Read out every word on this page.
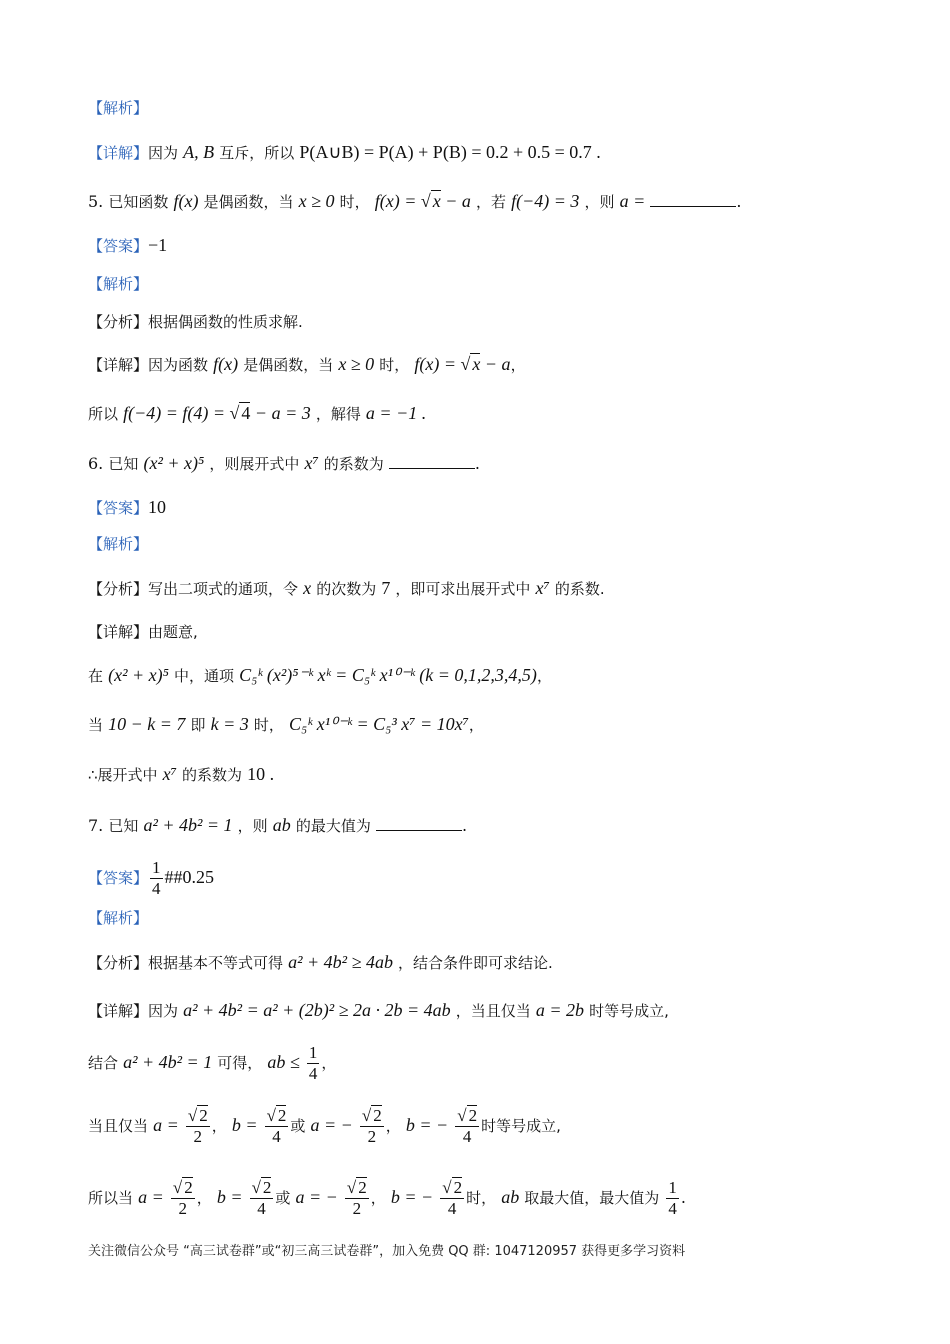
【解析】
【详解】因为 A, B 互斥，所以 P(A∪B) = P(A) + P(B) = 0.2 + 0.5 = 0.7 .
5. 已知函数 f(x) 是偶函数，当 x ≥ 0 时， f(x) = √ x − a ，若 f(−4) = 3 ，则 a =	.
【答案】−1
【解析】
【分析】根据偶函数的性质求解.
【详解】因为函数 f(x) 是偶函数，当 x ≥ 0 时， f(x) = √ x − a，
所以 f(−4) = f(4) = √ 4 − a = 3 ，解得 a = −1 .
6. 已知 (x² + x)⁵ ，则展开式中 x⁷ 的系数为	.
【答案】10
【解析】
【分析】写出二项式的通项，令 x 的次数为 7 ，即可求出展开式中 x⁷ 的系数.
【详解】由题意,
在 (x² + x)⁵ 中，通项 C₅ᵏ (x²)⁵⁻ᵏ xᵏ = C₅ᵏ x¹⁰⁻ᵏ (k = 0,1,2,3,4,5)，
当 10 − k = 7 即 k = 3 时， C₅ᵏ x¹⁰⁻ᵏ = C₅³ x⁷ = 10x⁷，
∴展开式中 x⁷ 的系数为 10 .
7. 已知 a² + 4b² = 1 ，则 ab 的最大值为	.
【答案】 $\frac{1}{4}$ ##0.25
【解析】
【分析】根据基本不等式可得 a² + 4b² ≥ 4ab ，结合条件即可求结论.
【详解】因为 a² + 4b² = a² + (2b)² ≥ 2a · 2b = 4ab ，当且仅当 a = 2b 时等号成立,
结合 a² + 4b² = 1 可得， ab ≤ $\frac{1}{4}$ ，
当且仅当 $a = \frac{√ 2}{2}$ ， $b = \frac{√ 2}{4}$ 或 a = − $\frac{√ 2}{2}$ ， b = − $\frac{√ 2}{4}$ 时等号成立,
所以当 $a = \frac{√ 2}{2}$ ， $b = \frac{√ 2}{4}$ 或 a = − $\frac{√ 2}{2}$ ， b = − $\frac{√ 2}{4}$ 时， ab 取最大值，最大值为 $\frac{1}{4}$ .
关注微信公众号 “高三试卷群”或“初三高三试卷群”，加入免费 QQ 群: 1047120957 获得更多学习资料
